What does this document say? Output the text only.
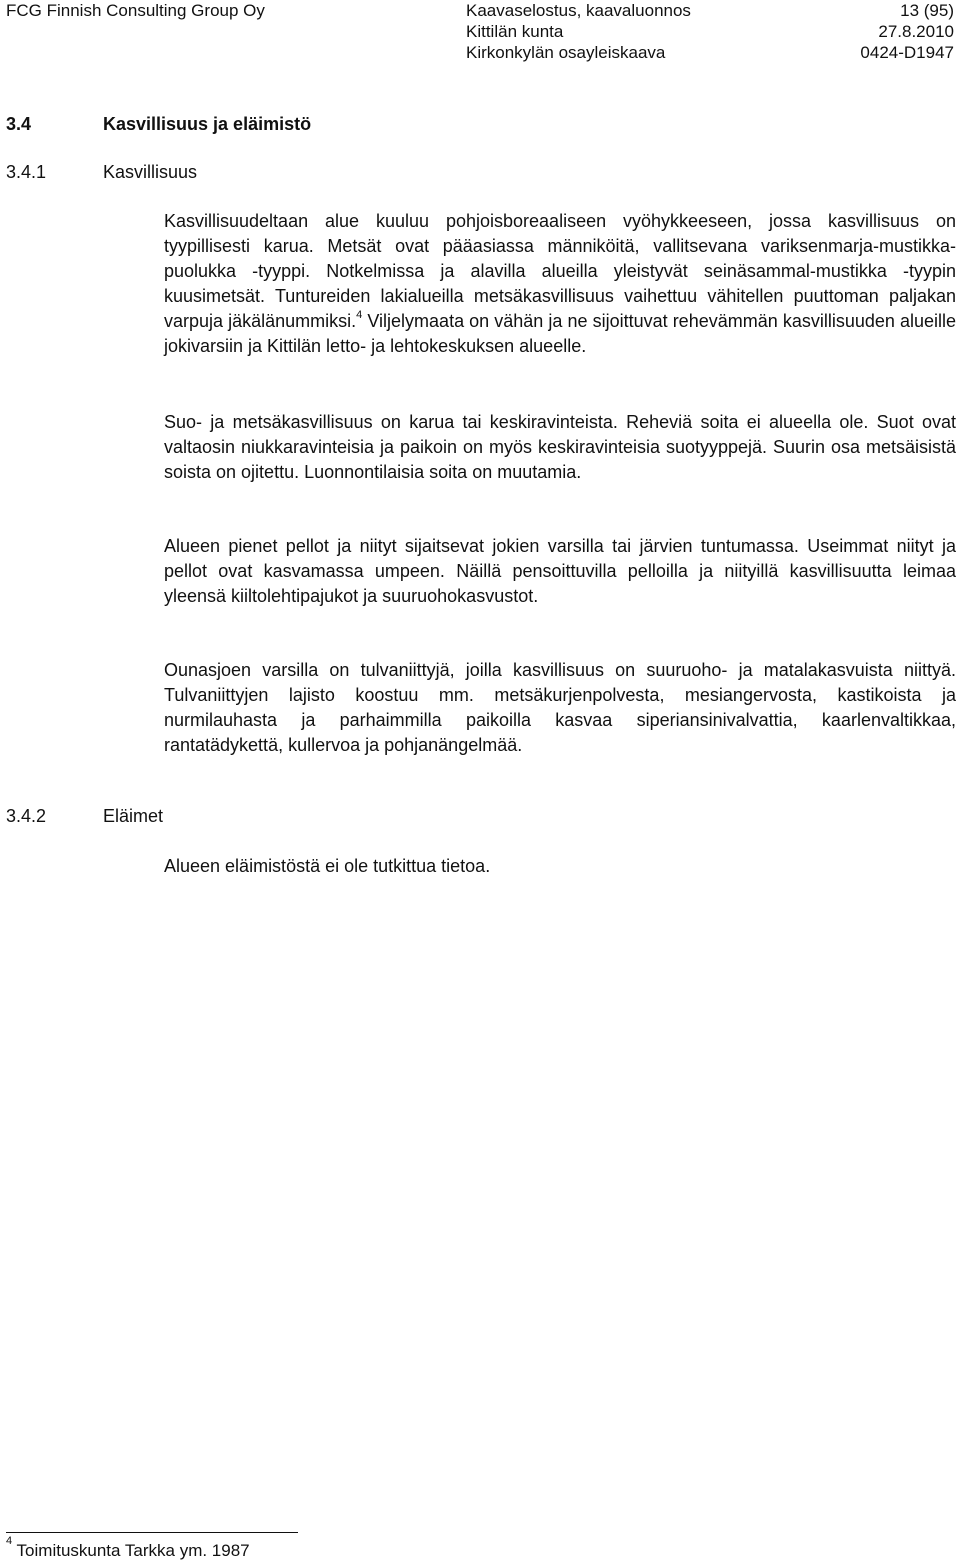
FCG Finnish Consulting Group Oy	Kaavaselostus, kaavaluonnos
Kittilän kunta
Kirkonkylän osayleiskaava
13 (95)
27.8.2010
0424-D1947
3.4	Kasvillisuus ja eläimistö
3.4.1	Kasvillisuus

Kasvillisuudeltaan alue kuuluu pohjoisboreaaliseen vyöhykkeeseen, jossa kasvillisuus on tyypillisesti karua. Metsät ovat pääasiassa männiköitä, vallitsevana variksenmarja-mustikka-puolukka -tyyppi. Notkelmissa ja alavilla alueilla yleistyvät seinäsammal-mustikka -tyypin kuusimetsät. Tuntureiden lakialueilla metsäkasvillisuus vaihettuu vähitellen puuttoman paljakan varpuja jäkälänummiksi.$^4$ Viljelymaata on vähän ja ne sijoittuvat rehevämmän kasvillisuuden alueille jokivarsiin ja Kittilän letto- ja lehtokeskuksen alueelle.

Suo- ja metsäkasvillisuus on karua tai keskiravinteista. Reheviä soita ei alueella ole. Suot ovat valtaosin niukkaravinteisia ja paikoin on myös keskiravinteisia suotyyppejä. Suurin osa metsäisistä soista on ojitettu. Luonnontilaisia soita on muutamia.

Alueen pienet pellot ja niityt sijaitsevat jokien varsilla tai järvien tuntumassa. Useimmat niityt ja pellot ovat kasvamassa umpeen. Näillä pensoittuvilla pelloilla ja niityillä kasvillisuutta leimaa yleensä kiiltolehtipajukot ja suuruohokasvustot.

Ounasjoen varsilla on tulvaniittyjä, joilla kasvillisuus on suuruoho- ja matalakasvuista niittyä. Tulvaniittyjen lajisto koostuu mm. metsäkurjenpolvesta, mesiangervosta, kastikoista ja nurmilauhasta ja parhaimmilla paikoilla kasvaa siperiansinivalvattia, kaarlenvaltikkaa, rantatädykettä, kullervoa ja pohjanängelmää.

3.4.2	Eläimet

Alueen eläimistöstä ei ole tutkittua tietoa.

$^4$ Toimituskunta Tarkka ym. 1987
